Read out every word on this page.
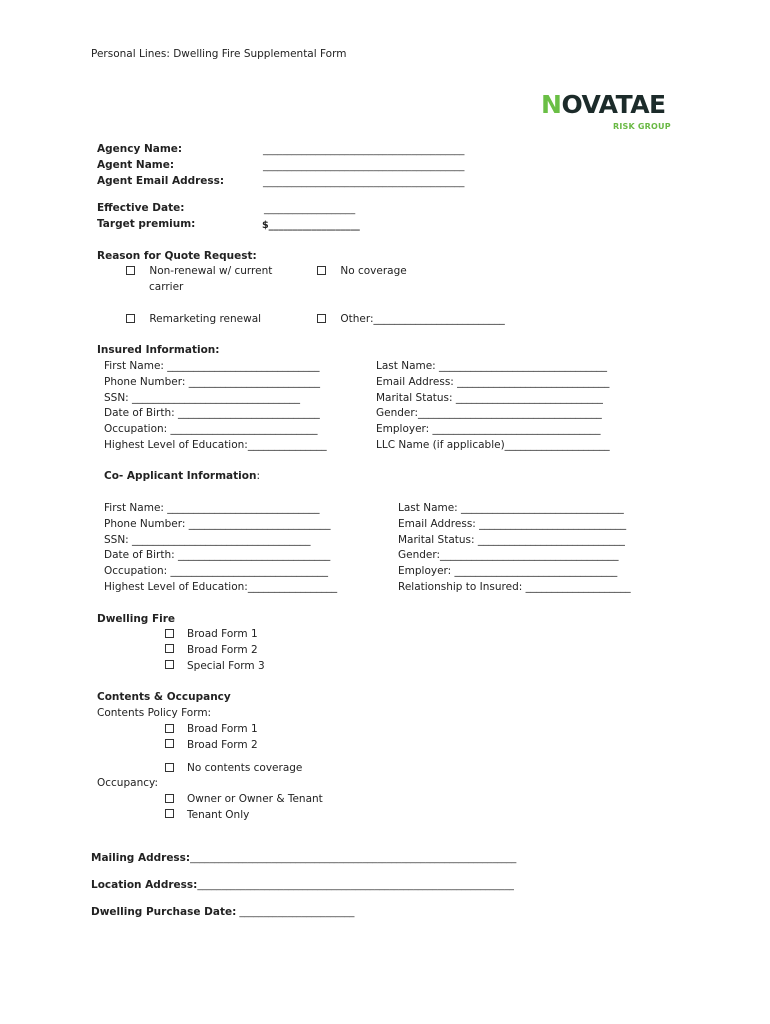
Personal Lines: Dwelling Fire Supplemental Form
NOVATAE
RISK GROUP
Agency Name:
Agent Name:
Agent Email Address:
__________________________________________
__________________________________________
__________________________________________
Effective Date:
Target premium:
___________________
$___________________
Reason for Quote Request:
Non-renewal w/ current
carrier
No coverage
Remarketing renewal	Other:_________________________
Insured Information:
First Name: _____________________________
Phone Number: _________________________
SSN: ________________________________
Date of Birth: ___________________________
Occupation: ____________________________
Highest Level of Education:_______________
Last Name: ________________________________
Email Address: _____________________________
Marital Status: ____________________________
Gender:___________________________________
Employer: ________________________________
LLC Name (if applicable)____________________
Co- Applicant Information:
First Name: _____________________________
Phone Number: ___________________________
SSN: __________________________________
Date of Birth: _____________________________
Occupation: ______________________________
Highest Level of Education:_________________
Last Name: _______________________________
Email Address: ____________________________
Marital Status: ____________________________
Gender:__________________________________
Employer: _______________________________
Relationship to Insured: ____________________
Dwelling Fire
Broad Form 1
Broad Form 2
Special Form 3
Contents & Occupancy
Contents Policy Form:
Broad Form 1
Broad Form 2
No contents coverage
Occupancy:
Owner or Owner & Tenant
Tenant Only
Mailing Address:____________________________________________________________________
Location Address:__________________________________________________________________
Dwelling Purchase Date: ________________________
